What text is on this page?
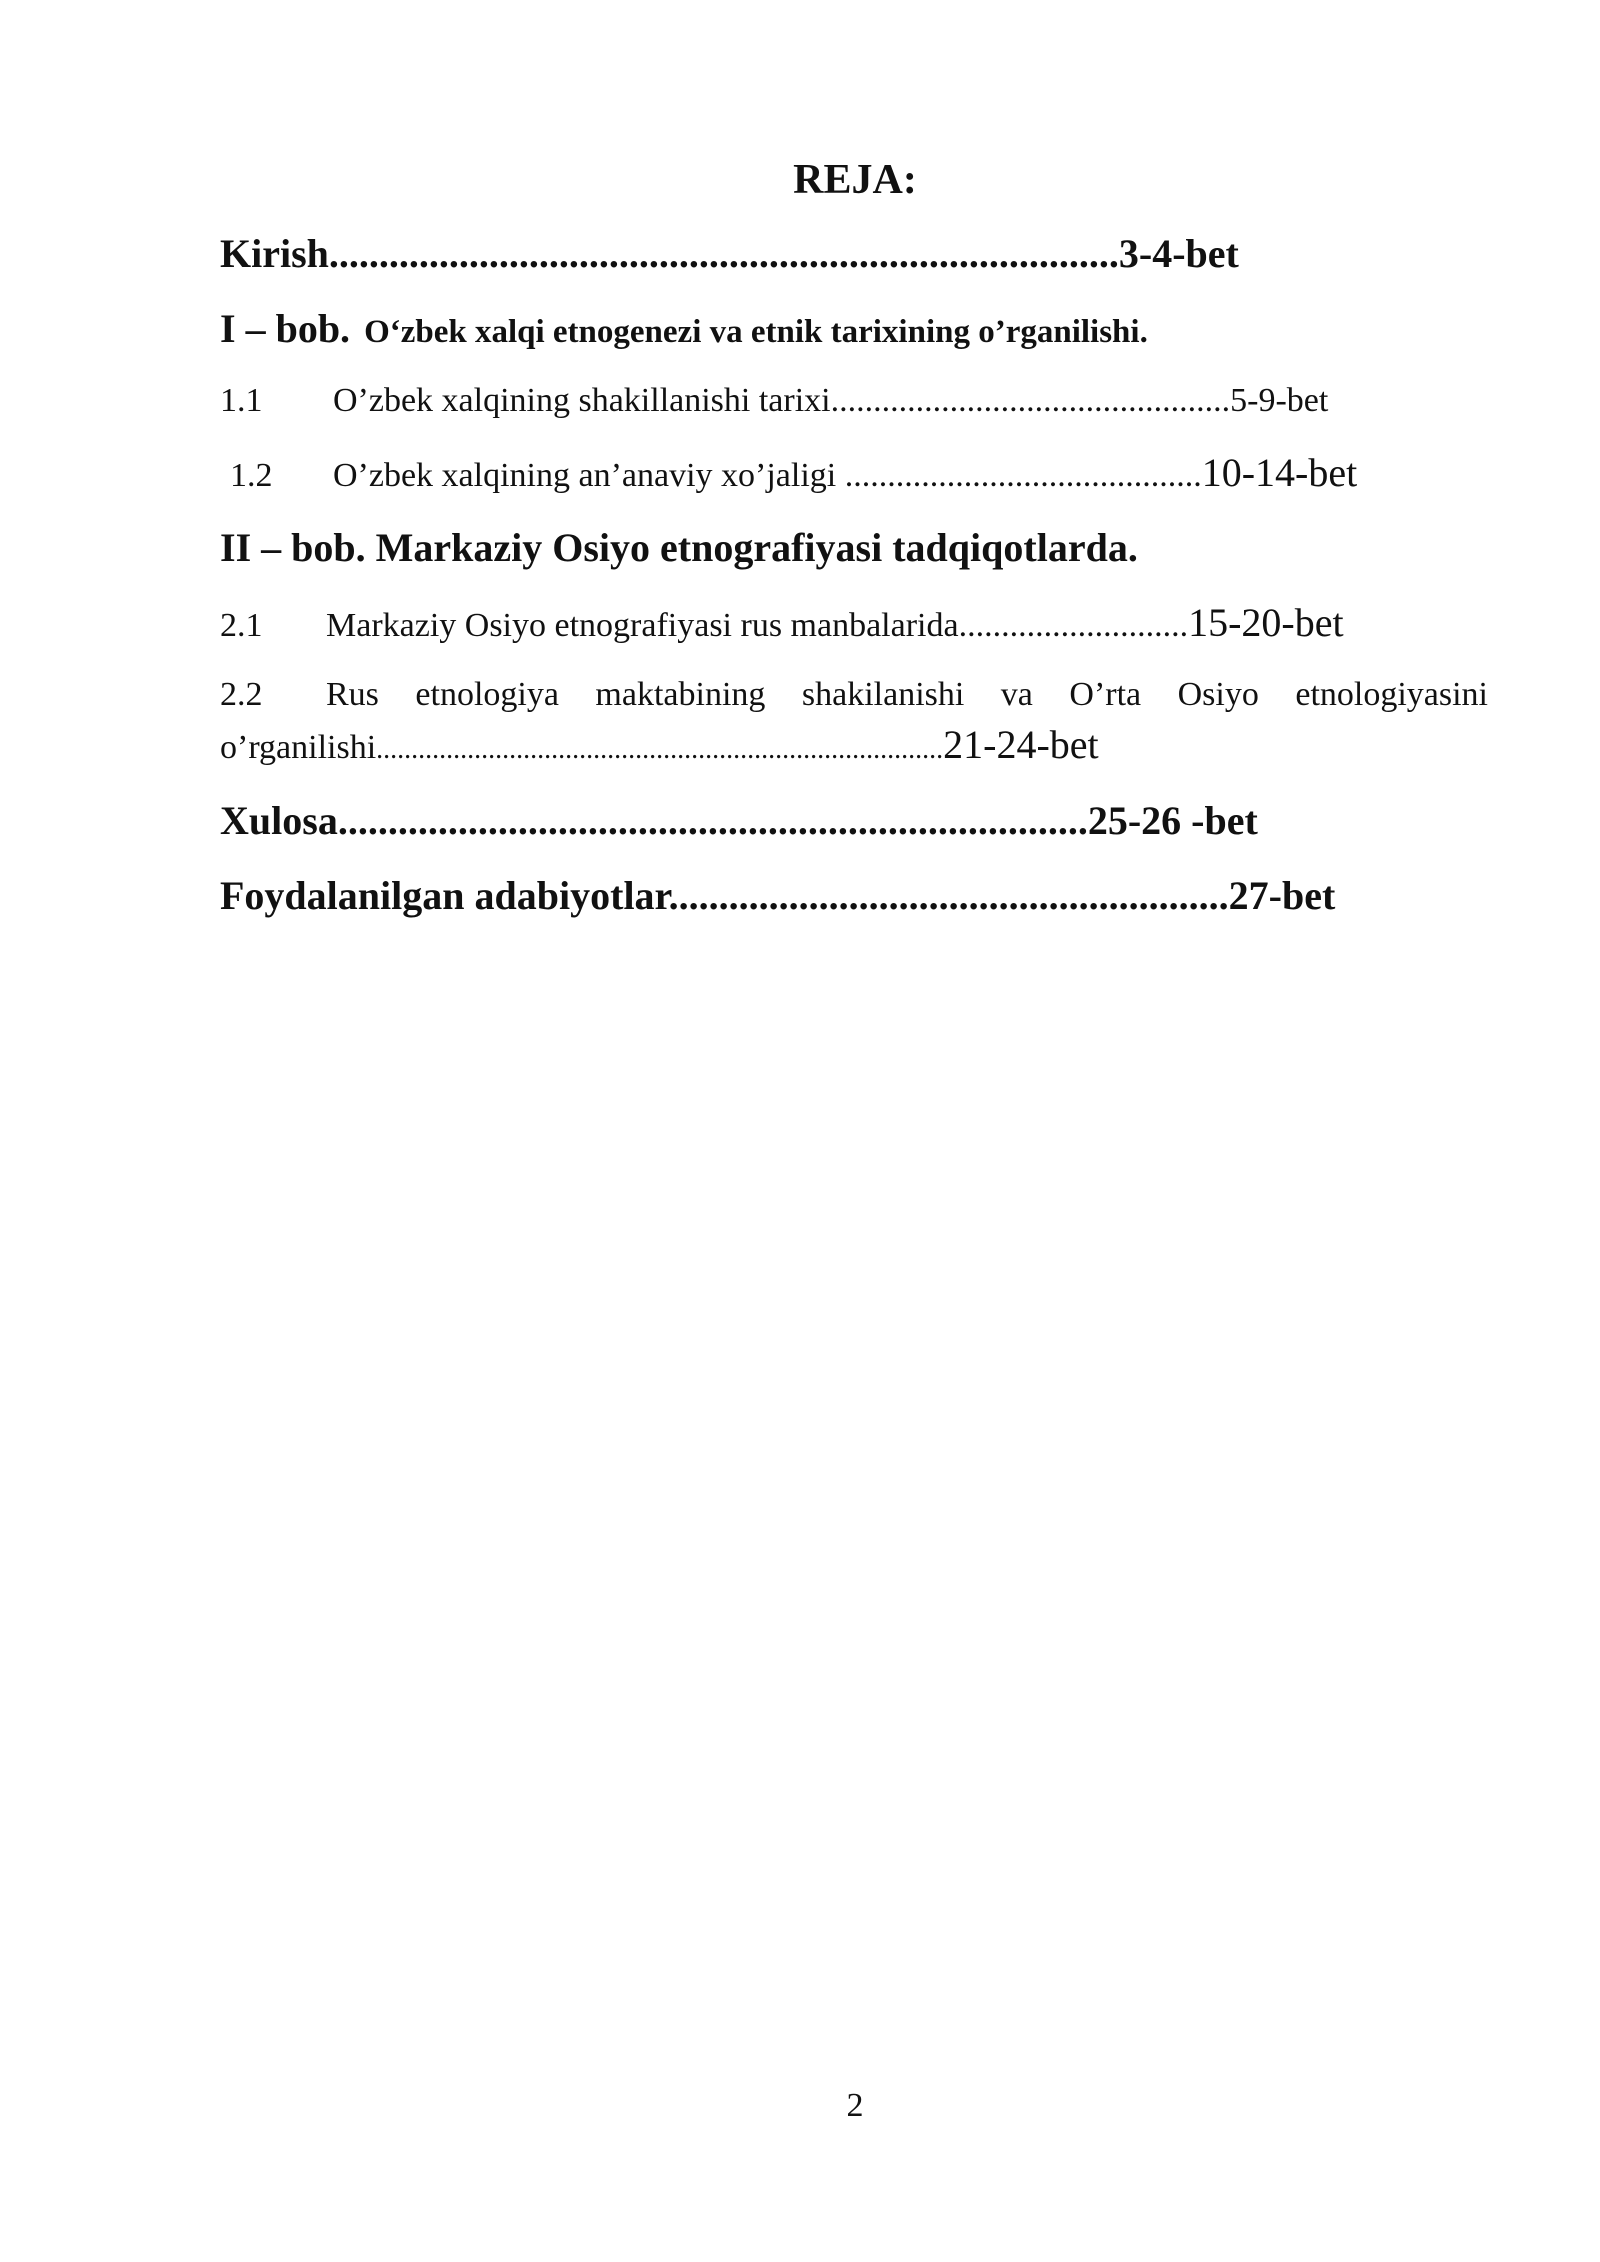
REJA:
Kirish...............................................................................3-4-bet
I – bob. O‘zbek xalqi etnogenezi va etnik tarixining o’rganilishi.
1.1 O’zbek xalqining shakillanishi tarixi...............................................5-9-bet
1.2 O’zbek xalqining an’anaviy xo’jaligi ..........................................10-14-bet
II – bob. Markaziy Osiyo etnografiyasi tadqiqotlarda.
2.1 Markaziy Osiyo etnografiyasi rus manbalarida...........................15-20-bet
2.2	Rus etnologiya maktabining shakilanishi va O’rta Osiyo etnologiyasini
o’rganilishi.................................................................................21-24-bet
Xulosa...........................................................................25-26 -bet
Foydalanilgan adabiyotlar........................................................27-bet
2
